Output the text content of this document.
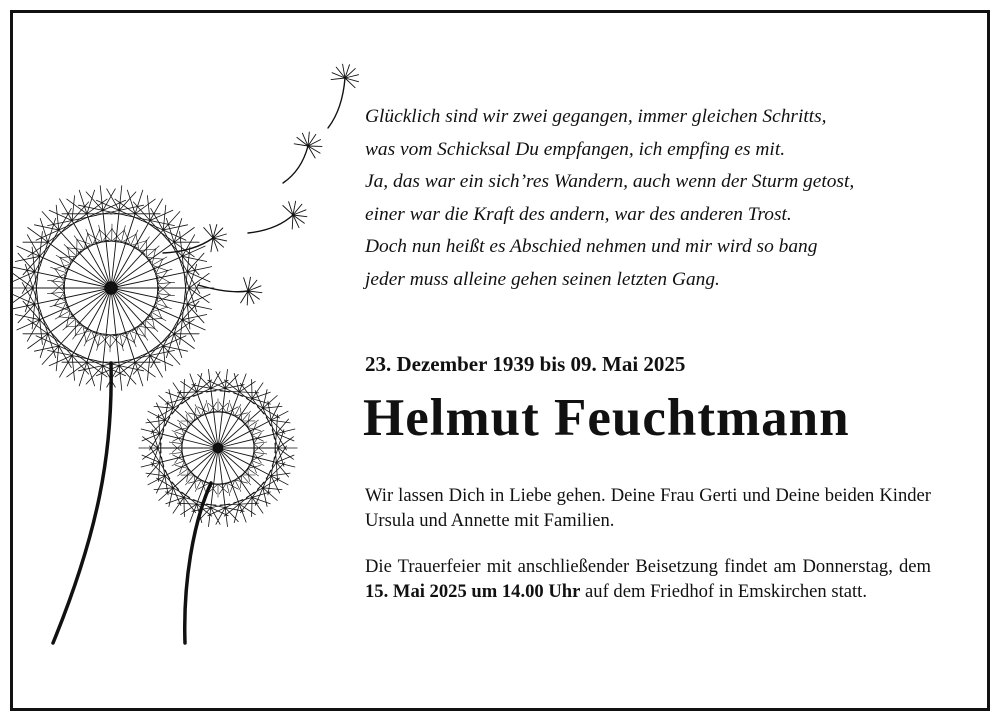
Glücklich sind wir zwei gegangen, immer gleichen Schritts,
was vom Schicksal Du empfangen, ich empfing es mit.
Ja, das war ein sich’res Wandern, auch wenn der Sturm getost,
einer war die Kraft des andern, war des anderen Trost.
Doch nun heißt es Abschied nehmen und mir wird so bang
jeder muss alleine gehen seinen letzten Gang.

23. Dezember 1939 bis 09. Mai 2025

Helmut Feuchtmann

Wir lassen Dich in Liebe gehen. Deine Frau Gerti und Deine beiden Kinder Ursula und Annette mit Familien.

Die Trauerfeier mit anschließender Beisetzung findet am Donnerstag, dem 15. Mai 2025 um 14.00 Uhr auf dem Friedhof in Emskirchen statt.
